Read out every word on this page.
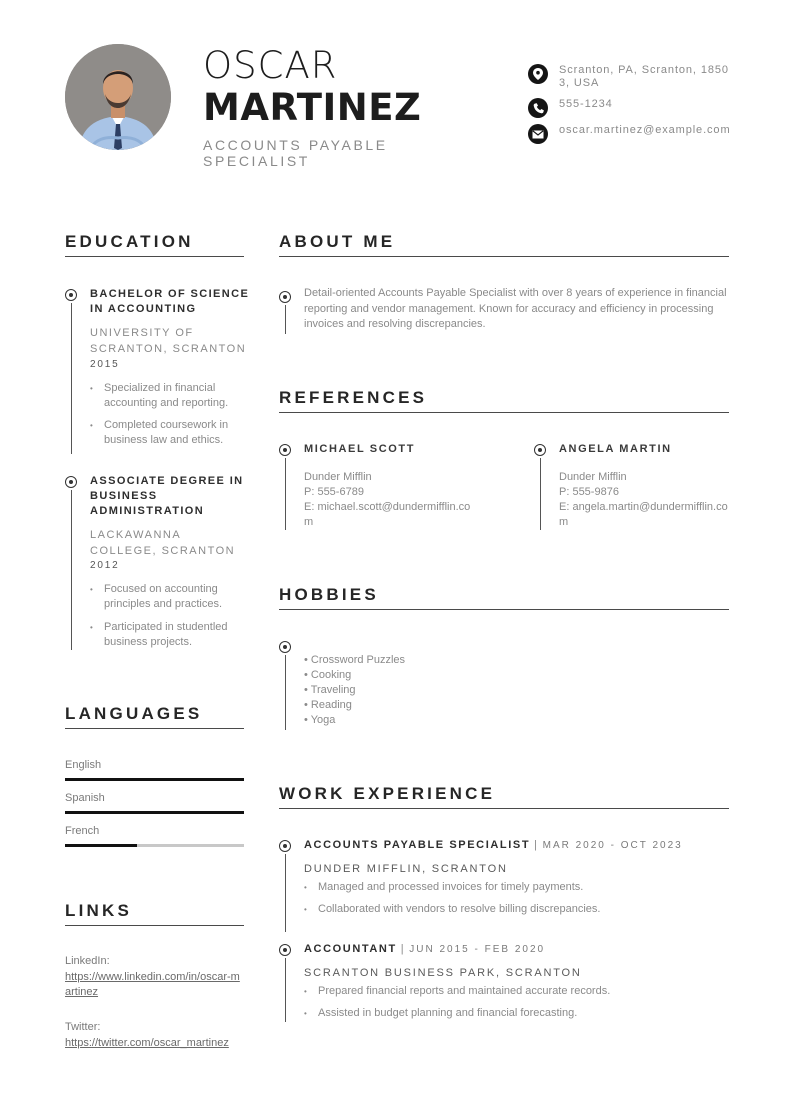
OSCAR
MARTINEZ
ACCOUNTS PAYABLE SPECIALIST
Scranton, PA, Scranton, 18503, USA
555-1234
oscar.martinez@example.com
EDUCATION
BACHELOR OF SCIENCE IN ACCOUNTING
UNIVERSITY OF SCRANTON, SCRANTON
2015
• Specialized in financial accounting and reporting.
• Completed coursework in business law and ethics.
ASSOCIATE DEGREE IN BUSINESS ADMINISTRATION
LACKAWANNA COLLEGE, SCRANTON
2012
• Focused on accounting principles and practices.
• Participated in studentled business projects.
LANGUAGES
English
Spanish
French
LINKS
LinkedIn:
https://www.linkedin.com/in/oscar-martinez
Twitter:
https://twitter.com/oscar_martinez
ABOUT ME
Detail-oriented Accounts Payable Specialist with over 8 years of experience in financial reporting and vendor management. Known for accuracy and efficiency in processing invoices and resolving discrepancies.
REFERENCES
MICHAEL SCOTT
Dunder Mifflin
P: 555-6789
E: michael.scott@dundermifflin.com
ANGELA MARTIN
Dunder Mifflin
P: 555-9876
E: angela.martin@dundermifflin.com
HOBBIES
• Crossword Puzzles
• Cooking
• Traveling
• Reading
• Yoga
WORK EXPERIENCE
ACCOUNTS PAYABLE SPECIALIST | MAR 2020 - OCT 2023
DUNDER MIFFLIN, SCRANTON
• Managed and processed invoices for timely payments.
• Collaborated with vendors to resolve billing discrepancies.
ACCOUNTANT | JUN 2015 - FEB 2020
SCRANTON BUSINESS PARK, SCRANTON
• Prepared financial reports and maintained accurate records.
• Assisted in budget planning and financial forecasting.
